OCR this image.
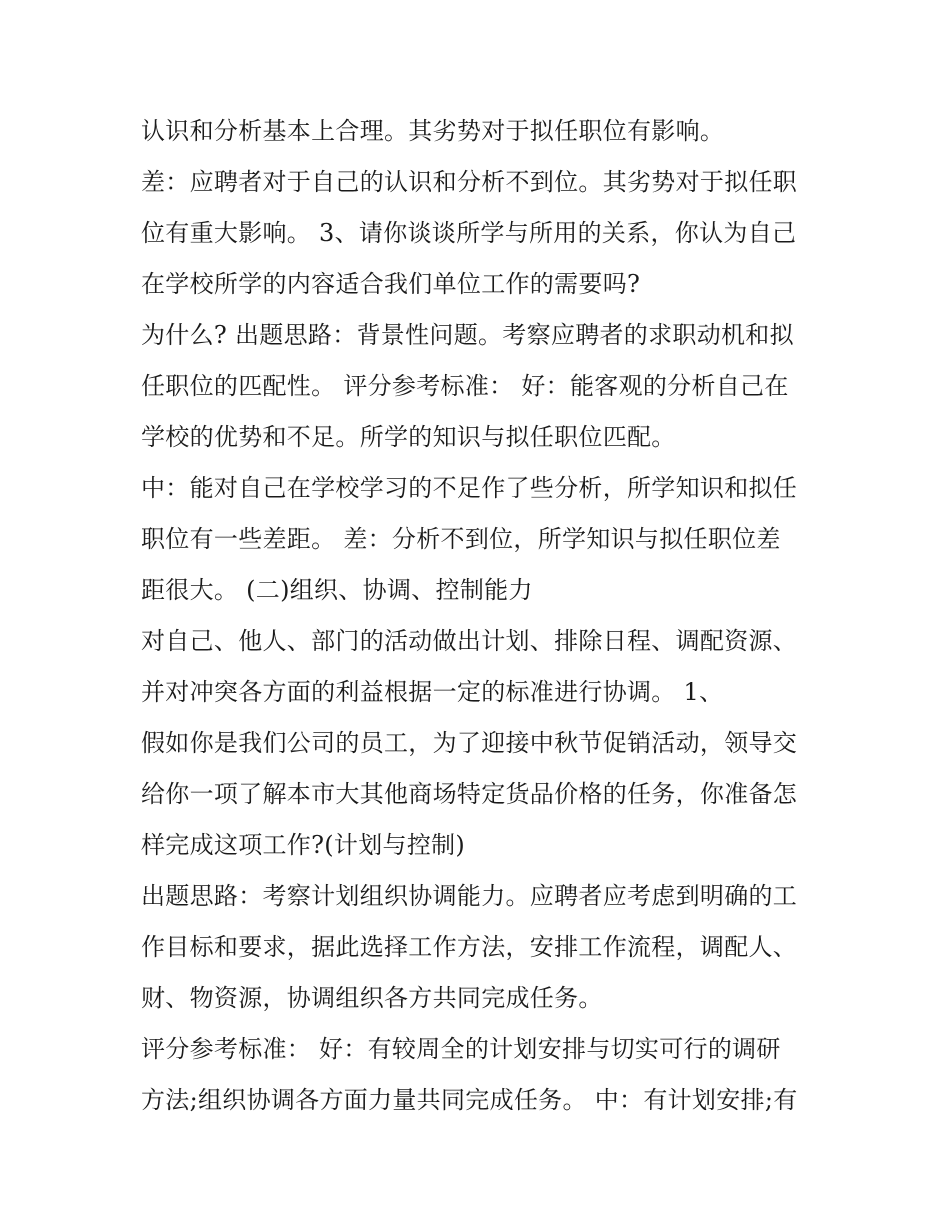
认识和分析基本上合理。其劣势对于拟任职位有影响。
差：应聘者对于自己的认识和分析不到位。其劣势对于拟任职
位有重大影响。 3、请你谈谈所学与所用的关系，你认为自己
在学校所学的内容适合我们单位工作的需要吗?
为什么? 出题思路：背景性问题。考察应聘者的求职动机和拟
任职位的匹配性。 评分参考标准： 好：能客观的分析自己在
学校的优势和不足。所学的知识与拟任职位匹配。
中：能对自己在学校学习的不足作了些分析，所学知识和拟任
职位有一些差距。 差：分析不到位，所学知识与拟任职位差
距很大。 (二)组织、协调、控制能力
对自己、他人、部门的活动做出计划、排除日程、调配资源、
并对冲突各方面的利益根据一定的标准进行协调。 1、
假如你是我们公司的员工，为了迎接中秋节促销活动，领导交
给你一项了解本市大其他商场特定货品价格的任务，你准备怎
样完成这项工作?(计划与控制)
出题思路：考察计划组织协调能力。应聘者应考虑到明确的工
作目标和要求，据此选择工作方法，安排工作流程，调配人、
财、物资源，协调组织各方共同完成任务。
评分参考标准： 好：有较周全的计划安排与切实可行的调研
方法;组织协调各方面力量共同完成任务。 中：有计划安排;有
